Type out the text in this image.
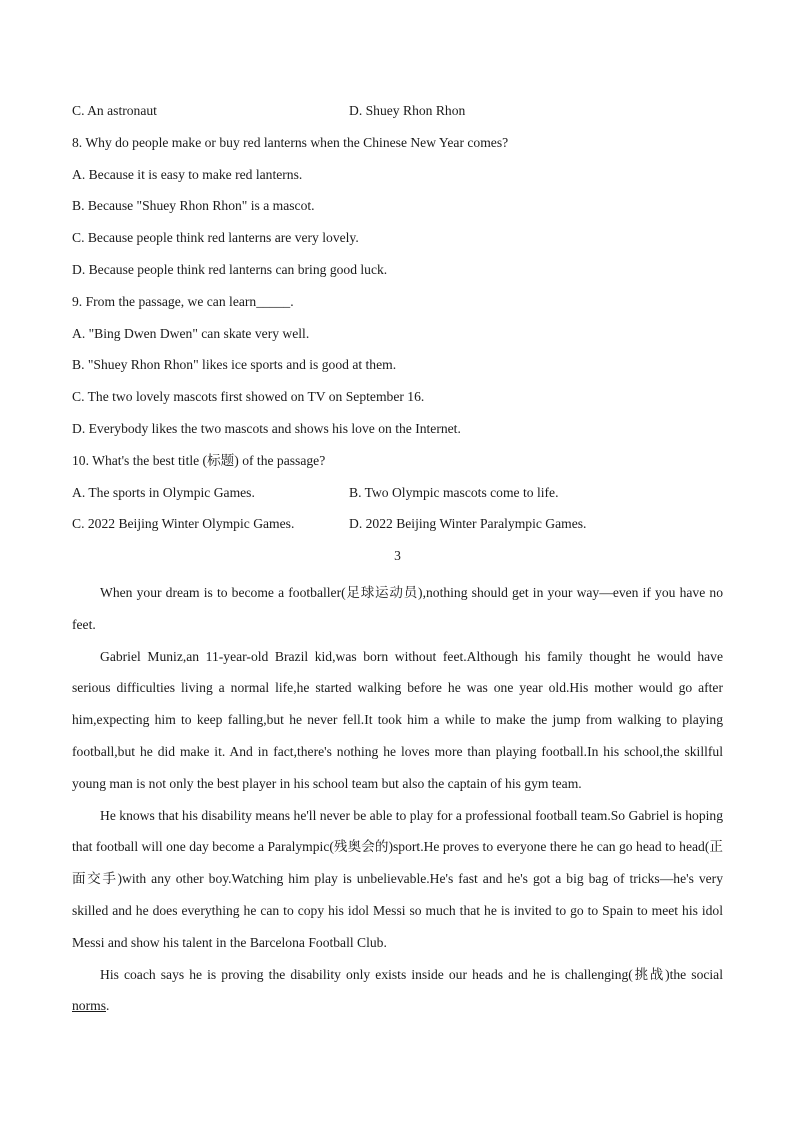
C. An astronaut	D. Shuey Rhon Rhon
8. Why do people make or buy red lanterns when the Chinese New Year comes?
A. Because it is easy to make red lanterns.
B. Because "Shuey Rhon Rhon" is a mascot.
C. Because people think red lanterns are very lovely.
D. Because people think red lanterns can bring good luck.
9. From the passage, we can learn_____.
A. "Bing Dwen Dwen" can skate very well.
B. "Shuey Rhon Rhon" likes ice sports and is good at them.
C. The two lovely mascots first showed on TV on September 16.
D. Everybody likes the two mascots and shows his love on the Internet.
10. What's the best title (标题) of the passage?
A. The sports in Olympic Games.	B. Two Olympic mascots come to life.
C. 2022 Beijing Winter Olympic Games.	D. 2022 Beijing Winter Paralympic Games.
3

When your dream is to become a footballer(足球运动员),nothing should get in your way—even if you have no feet.

Gabriel Muniz,an 11-year-old Brazil kid,was born without feet.Although his family thought he would have serious difficulties living a normal life,he started walking before he was one year old.His mother would go after him,expecting him to keep falling,but he never fell.It took him a while to make the jump from walking to playing football,but he did make it. And in fact,there's nothing he loves more than playing football.In his school,the skillful young man is not only the best player in his school team but also the captain of his gym team.

He knows that his disability means he'll never be able to play for a professional football team.So Gabriel is hoping that football will one day become a Paralympic(残奥会的)sport.He proves to everyone there he can go head to head(正面交手)with any other boy.Watching him play is unbelievable.He's fast and he's got a big bag of tricks—he's very skilled and he does everything he can to copy his idol Messi so much that he is invited to go to Spain to meet his idol Messi and show his talent in the Barcelona Football Club.

His coach says he is proving the disability only exists inside our heads and he is challenging(挑战)the social norms.
